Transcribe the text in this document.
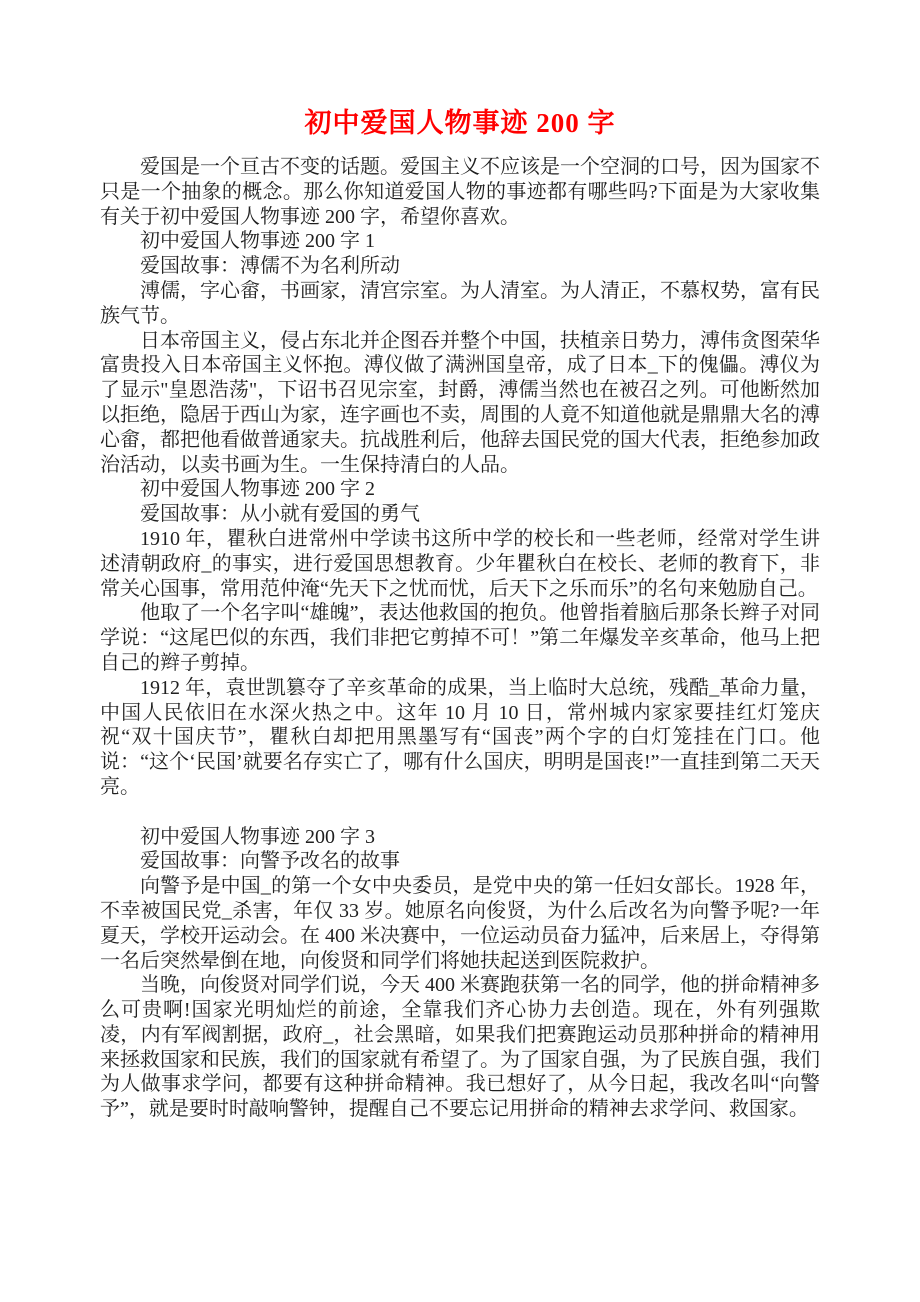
初中爱国人物事迹 200 字

爱国是一个亘古不变的话题。爱国主义不应该是一个空洞的口号，因为国家不只是一个抽象的概念。那么你知道爱国人物的事迹都有哪些吗?下面是为大家收集有关于初中爱国人物事迹 200 字，希望你喜欢。

初中爱国人物事迹 200 字 1

爱国故事：溥儒不为名利所动

溥儒，字心畲，书画家，清宫宗室。为人清室。为人清正，不慕权势，富有民族气节。

日本帝国主义，侵占东北并企图吞并整个中国，扶植亲日势力，溥伟贪图荣华富贵投入日本帝国主义怀抱。溥仪做了满洲国皇帝，成了日本_下的傀儡。溥仪为了显示"皇恩浩荡"，下诏书召见宗室，封爵，溥儒当然也在被召之列。可他断然加以拒绝，隐居于西山为家，连字画也不卖，周围的人竟不知道他就是鼎鼎大名的溥心畲，都把他看做普通家夫。抗战胜利后，他辞去国民党的国大代表，拒绝参加政治活动，以卖书画为生。一生保持清白的人品。

初中爱国人物事迹 200 字 2

爱国故事：从小就有爱国的勇气

1910 年，瞿秋白进常州中学读书这所中学的校长和一些老师，经常对学生讲述清朝政府_的事实，进行爱国思想教育。少年瞿秋白在校长、老师的教育下，非常关心国事，常用范仲淹“先天下之忧而忧，后天下之乐而乐”的名句来勉励自己。

他取了一个名字叫“雄魄”，表达他救国的抱负。他曾指着脑后那条长辫子对同学说：“这尾巴似的东西，我们非把它剪掉不可！”第二年爆发辛亥革命，他马上把自己的辫子剪掉。

1912 年，袁世凯篡夺了辛亥革命的成果，当上临时大总统，残酷_革命力量，中国人民依旧在水深火热之中。这年 10 月 10 日，常州城内家家要挂红灯笼庆祝“双十国庆节”，瞿秋白却把用黑墨写有“国丧”两个字的白灯笼挂在门口。他说：“这个‘民国’就要名存实亡了，哪有什么国庆，明明是国丧!”一直挂到第二天天亮。

初中爱国人物事迹 200 字 3

爱国故事：向警予改名的故事

向警予是中国_的第一个女中央委员，是党中央的第一任妇女部长。1928 年，不幸被国民党_杀害，年仅 33 岁。她原名向俊贤，为什么后改名为向警予呢?一年夏天，学校开运动会。在 400 米决赛中，一位运动员奋力猛冲，后来居上，夺得第一名后突然晕倒在地，向俊贤和同学们将她扶起送到医院救护。

当晚，向俊贤对同学们说，今天 400 米赛跑获第一名的同学，他的拼命精神多么可贵啊!国家光明灿烂的前途，全靠我们齐心协力去创造。现在，外有列强欺凌，内有军阀割据，政府_，社会黑暗，如果我们把赛跑运动员那种拼命的精神用来拯救国家和民族，我们的国家就有希望了。为了国家自强，为了民族自强，我们为人做事求学问，都要有这种拼命精神。我已想好了，从今日起，我改名叫“向警予”，就是要时时敲响警钟，提醒自己不要忘记用拼命的精神去求学问、救国家。
